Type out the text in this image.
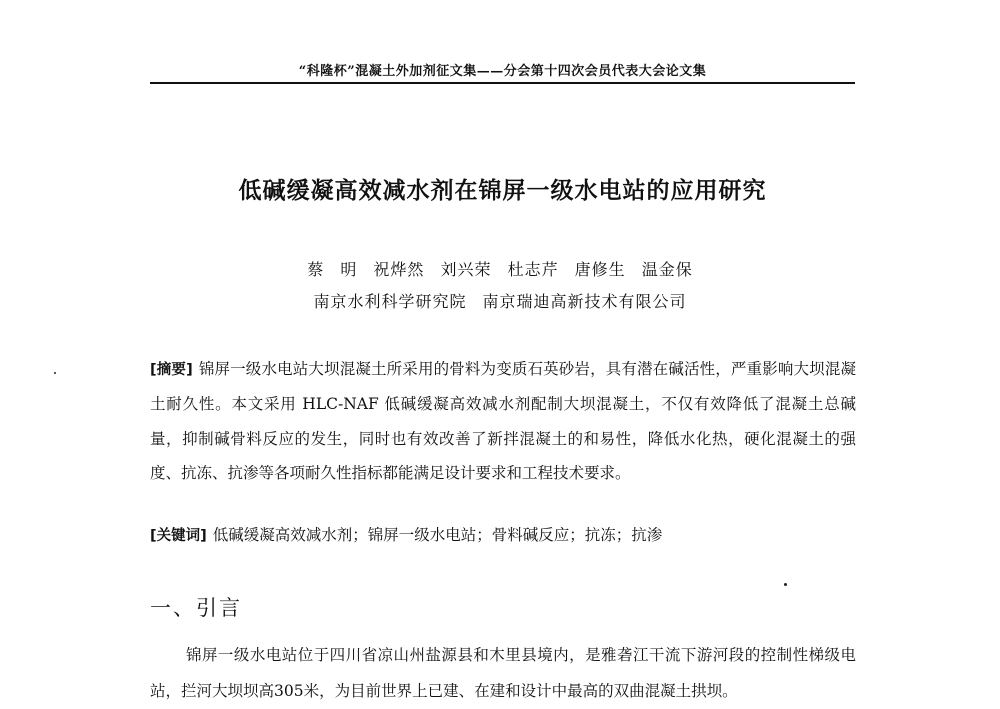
“科隆杯”混凝土外加剂征文集——分会第十四次会员代表大会论文集
低碱缓凝高效减水剂在锦屏一级水电站的应用研究
蔡 明 祝烨然 刘兴荣 杜志芹 唐修生 温金保
南京水利科学研究院 南京瑞迪高新技术有限公司
[摘要] 锦屏一级水电站大坝混凝土所采用的骨料为变质石英砂岩，具有潜在碱活性，严重影响大坝混凝土耐久性。本文采用 HLC-NAF 低碱缓凝高效减水剂配制大坝混凝土，不仅有效降低了混凝土总碱量，抑制碱骨料反应的发生，同时也有效改善了新拌混凝土的和易性，降低水化热，硬化混凝土的强度、抗冻、抗渗等各项耐久性指标都能满足设计要求和工程技术要求。
[关键词] 低碱缓凝高效减水剂；锦屏一级水电站；骨料碱反应；抗冻；抗渗
一、引言
锦屏一级水电站位于四川省凉山州盐源县和木里县境内，是雅砻江干流下游河段的控制性梯级电站，拦河大坝坝高305米，为目前世界上已建、在建和设计中最高的双曲混凝土拱坝。
